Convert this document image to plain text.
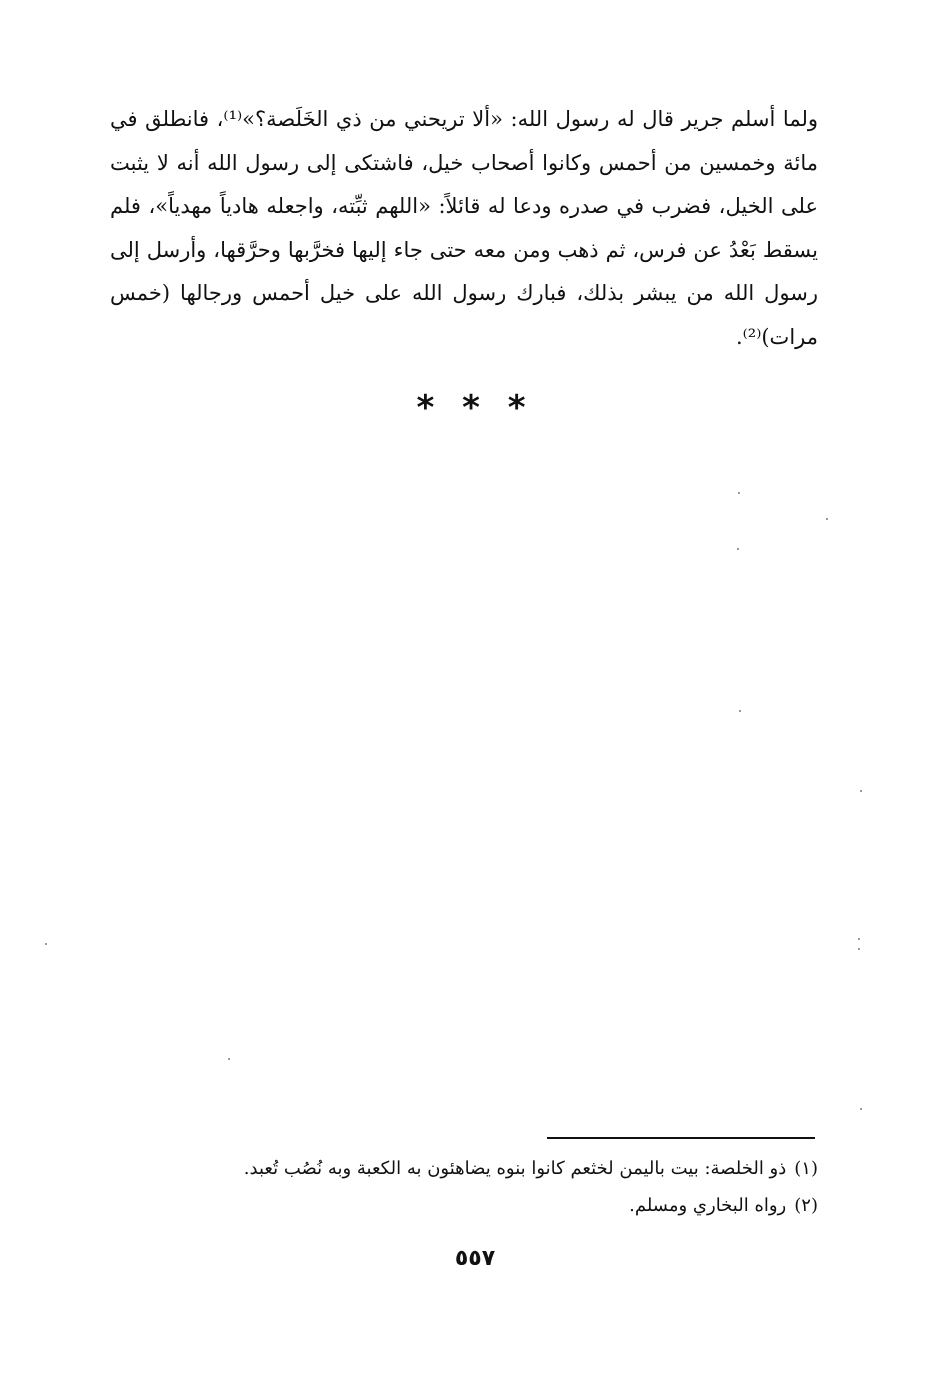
ولما أسلم جرير قال له رسول الله: «ألا تريحني من ذي الخَلَصة؟»⁽¹⁾، فانطلق في مائة وخمسين من أحمس وكانوا أصحاب خيل، فاشتكى إلى رسول الله أنه لا يثبت على الخيل، فضرب في صدره ودعا له قائلاً: «اللهم ثبِّته، واجعله هادياً مهدياً»، فلم يسقط بَعْدُ عن فرس، ثم ذهب ومن معه حتى جاء إليها فخرَّبها وحرَّقها، وأرسل إلى رسول الله من يبشر بذلك، فبارك رسول الله على خيل أحمس ورجالها (خمس مرات)⁽²⁾.

* * *
(١)ذو الخلصة: بيت باليمن لخثعم كانوا بنوه يضاهئون به الكعبة وبه نُصُب تُعبد.
(٢)رواه البخاري ومسلم.
٥٥٧
